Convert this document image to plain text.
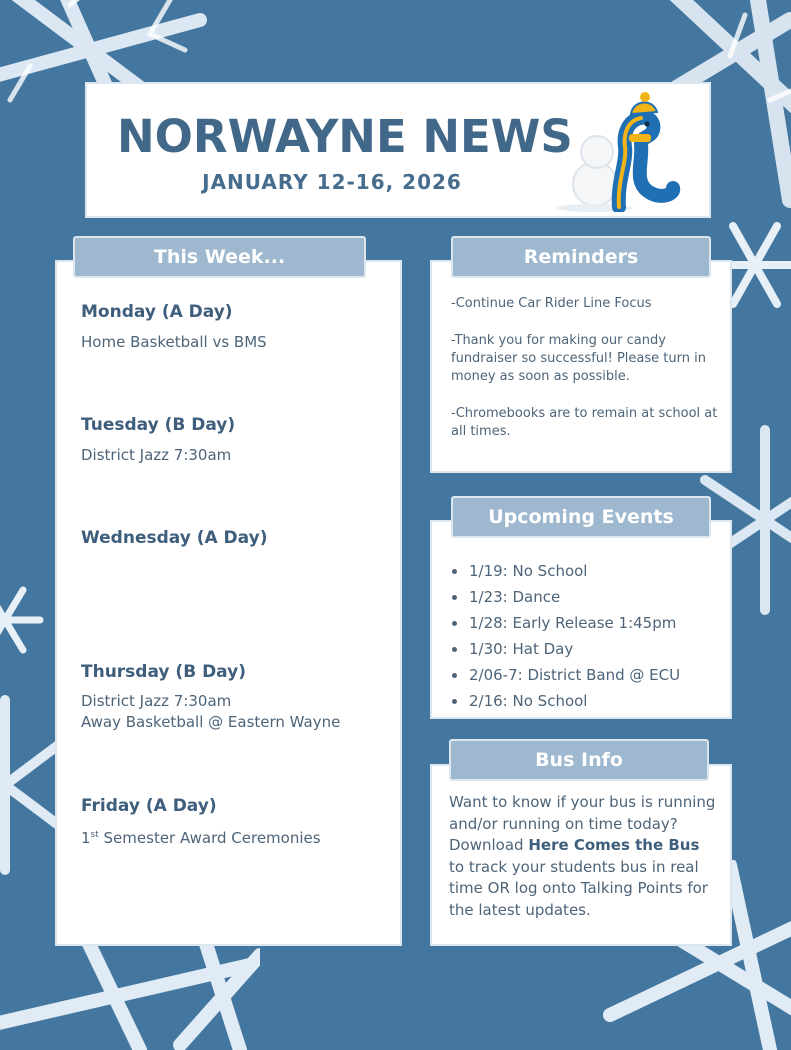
NORWAYNE NEWS
JANUARY 12-16, 2026
Monday (A Day)
Home Basketball vs BMS
Tuesday (B Day)
District Jazz 7:30am
Wednesday (A Day)
Thursday (B Day)
District Jazz 7:30am
Away Basketball @ Eastern Wayne
Friday (A Day)
1st Semester Award Ceremonies
This Week...
-Continue Car Rider Line Focus
-Thank you for making our candy fundraiser so successful! Please turn in money as soon as possible.
-Chromebooks are to remain at school at all times.
Reminders
1/19: No School
1/23: Dance
1/28: Early Release 1:45pm
1/30: Hat Day
2/06-7: District Band @ ECU
2/16: No School
Upcoming Events
Want to know if your bus is running and/or running on time today?
Download Here Comes the Bus to track your students bus in real time OR log onto Talking Points for the latest updates.
Bus Info
